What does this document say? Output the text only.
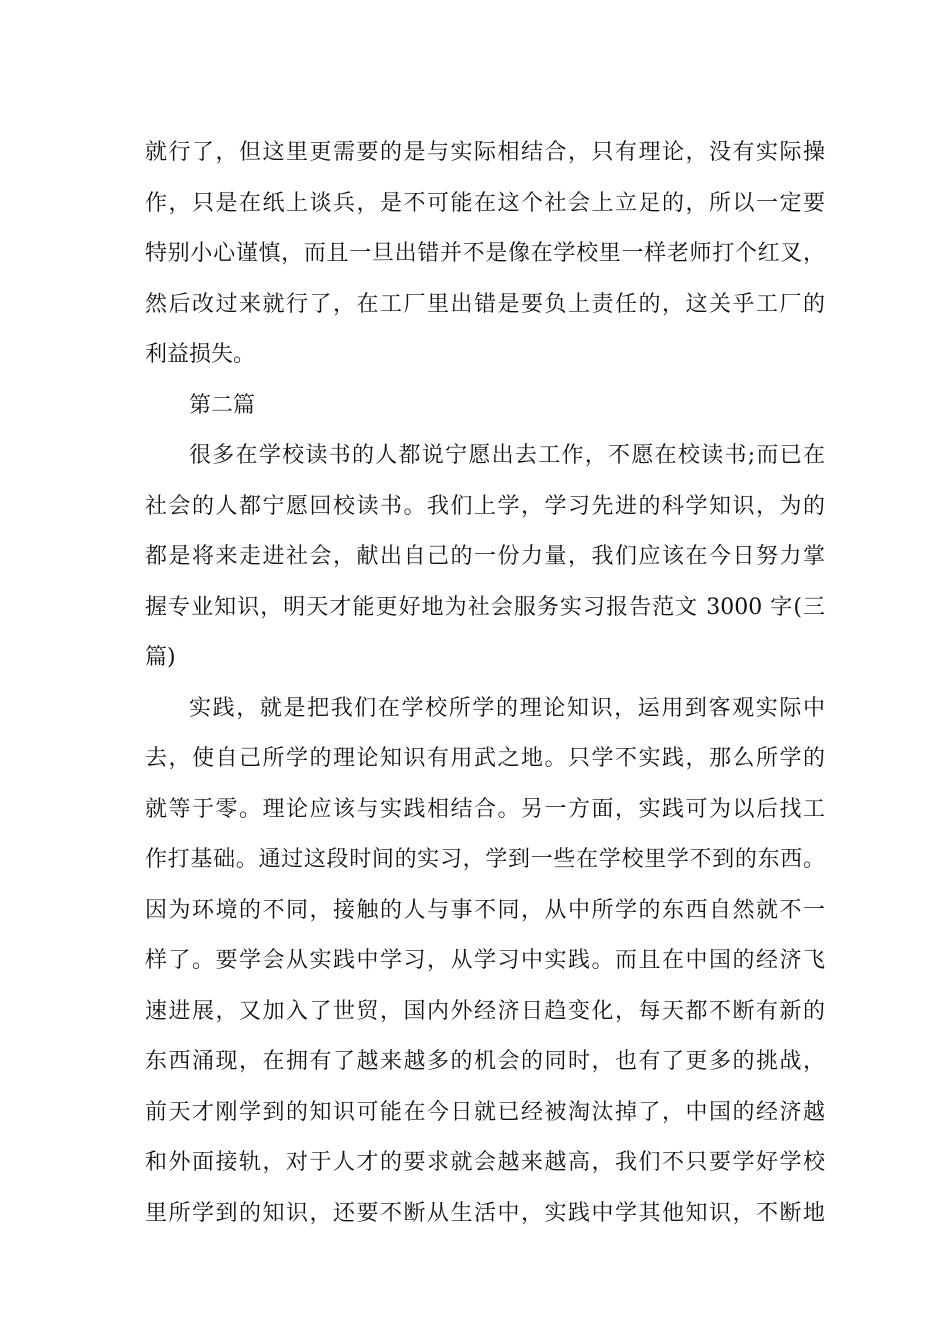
就行了，但这里更需要的是与实际相结合，只有理论，没有实际操
作，只是在纸上谈兵，是不可能在这个社会上立足的，所以一定要
特别小心谨慎，而且一旦出错并不是像在学校里一样老师打个红叉，
然后改过来就行了，在工厂里出错是要负上责任的，这关乎工厂的
利益损失。
第二篇
很多在学校读书的人都说宁愿出去工作，不愿在校读书;而已在
社会的人都宁愿回校读书。我们上学，学习先进的科学知识，为的
都是将来走进社会，献出自己的一份力量，我们应该在今日努力掌
握专业知识，明天才能更好地为社会服务实习报告范文 3000 字(三
篇)
实践，就是把我们在学校所学的理论知识，运用到客观实际中
去，使自己所学的理论知识有用武之地。只学不实践，那么所学的
就等于零。理论应该与实践相结合。另一方面，实践可为以后找工
作打基础。通过这段时间的实习，学到一些在学校里学不到的东西。
因为环境的不同，接触的人与事不同，从中所学的东西自然就不一
样了。要学会从实践中学习，从学习中实践。而且在中国的经济飞
速进展，又加入了世贸，国内外经济日趋变化，每天都不断有新的
东西涌现，在拥有了越来越多的机会的同时，也有了更多的挑战，
前天才刚学到的知识可能在今日就已经被淘汰掉了，中国的经济越
和外面接轨，对于人才的要求就会越来越高，我们不只要学好学校
里所学到的知识，还要不断从生活中，实践中学其他知识，不断地
